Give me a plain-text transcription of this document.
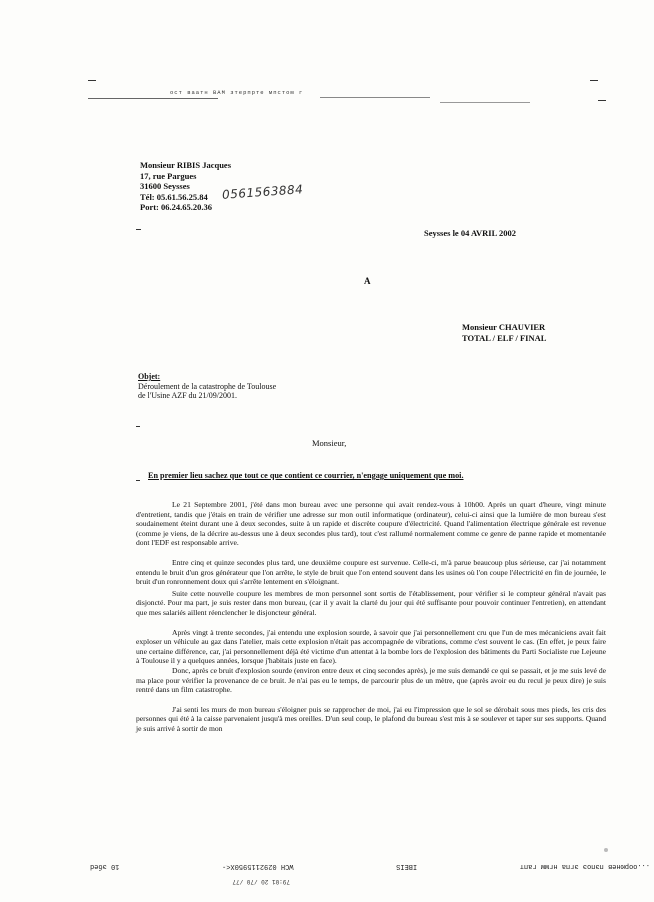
ост ваатн ВАМ зтерпрте мпстом г
Monsieur RIBIS Jacques
17, rue Pargues
31600 Seysses
Tél: 05.61.56.25.84
Port: 06.24.65.20.36
0561563884
Seysses le 04 AVRIL 2002
A
Monsieur CHAUVIER
TOTAL / ELF / FINAL
Objet:
Déroulement de la catastrophe de Toulouse
de l'Usine AZF du 21/09/2001.
Monsieur,
En premier lieu sachez que tout ce que contient ce courrier, n'engage uniquement que moi.

Le 21 Septembre 2001, j'été dans mon bureau avec une personne qui avait rendez-vous à 10h00. Après un quart d'heure, vingt minute d'entretient, tandis que j'étais en train de vérifier une adresse sur mon outil informatique (ordinateur), celui-ci ainsi que la lumière de mon bureau s'est soudainement éteint durant une à deux secondes, suite à un rapide et discrète coupure d'électricité. Quand l'alimentation électrique générale est revenue (comme je viens, de la décrire au-dessus une à deux secondes plus tard), tout c'est rallumé normalement comme ce genre de panne rapide et momentanée dont l'EDF est responsable arrive.

Entre cinq et quinze secondes plus tard, une deuxième coupure est survenue. Celle-ci, m'à parue beaucoup plus sérieuse, car j'ai notamment entendu le bruit d'un gros générateur que l'on arrête, le style de bruit que l'on entend souvent dans les usines où l'on coupe l'électricité en fin de journée, le bruit d'un ronronnement doux qui s'arrête lentement en s'éloignant.

Suite cette nouvelle coupure les membres de mon personnel sont sortis de l'établissement, pour vérifier si le compteur général n'avait pas disjoncté. Pour ma part, je suis rester dans mon bureau, (car il y avait la clarté du jour qui été suffisante pour pouvoir continuer l'entretien), en attendant que mes salariés aillent réenclencher le disjoncteur général.

Après vingt à trente secondes, j'ai entendu une explosion sourde, à savoir que j'ai personnellement cru que l'un de mes mécaniciens avait fait exploser un véhicule au gaz dans l'atelier, mais cette explosion n'était pas accompagnée de vibrations, comme c'est souvent le cas. (En effet, je peux faire une certaine différence, car, j'ai personnellement déjà été victime d'un attentat à la bombe lors de l'explosion des bâtiments du Parti Socialiste rue Lejeune à Toulouse il y a quelques années, lorsque j'habitais juste en face).

Donc, après ce bruit d'explosion sourde (environ entre deux et cinq secondes après), je me suis demandé ce qui se passait, et je me suis levé de ma place pour vérifier la provenance de ce bruit. Je n'ai pas eu le temps, de parcourir plus de un mètre, que (après avoir eu du recul je peux dire) je suis rentré dans un film catastrophe.

J'ai senti les murs de mon bureau s'éloigner puis se rapprocher de moi, j'ai eu l'impression que le sol se dérobait sous mes pieds, les cris des personnes qui été à la caisse parvenaient jusqu'à mes oreilles. D'un seul coup, le plafond du bureau s'est mis à se soulever et taper sur ses supports. Quand je suis arrivé à sortir de mon

...оорюнев пэпоэ эгпа нгмм гапт
IBEIS
WCH 0292115950X<-
10 эбеd
79:01 20 /70 /77
